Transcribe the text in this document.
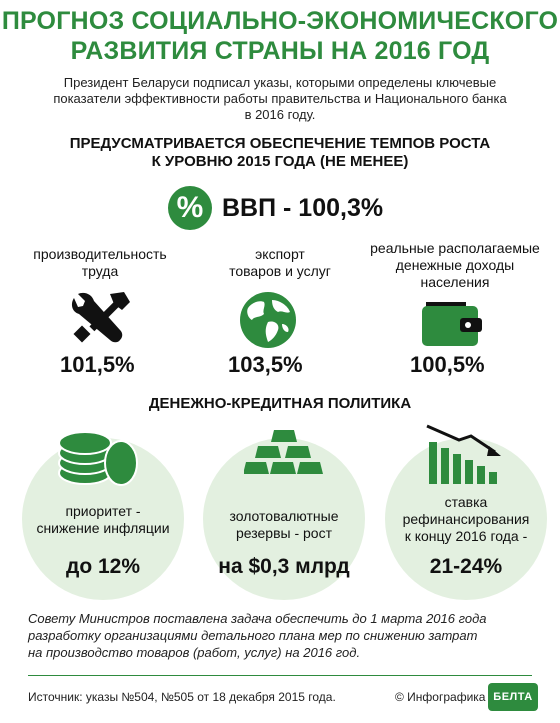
ПРОГНОЗ СОЦИАЛЬНО-ЭКОНОМИЧЕСКОГО
РАЗВИТИЯ СТРАНЫ НА 2016 ГОД
Президент Беларуси подписал указы, которыми определены ключевые
показатели эффективности работы правительства и Национального банка
в 2016 году.
ПРЕДУСМАТРИВАЕТСЯ ОБЕСПЕЧЕНИЕ ТЕМПОВ РОСТА
К УРОВНЮ 2015 ГОДА (НЕ МЕНЕЕ)
% ВВП - 100,3%
производительность
труда
101,5%
экспорт
товаров и услуг
103,5%
реальные располагаемые
денежные доходы
населения
100,5%
ДЕНЕЖНО-КРЕДИТНАЯ ПОЛИТИКА
приоритет -
снижение инфляции
до 12%
золотовалютные
резервы - рост
на $0,3 млрд
ставка
рефинансирования
к концу 2016 года -
21-24%
Совету Министров поставлена задача обеспечить до 1 марта 2016 года
разработку организациями детального плана мер по снижению затрат
на производство товаров (работ, услуг) на 2016 год.
Источник: указы №504, №505 от 18 декабря 2015 года.	© Инфографика БЕЛТА
